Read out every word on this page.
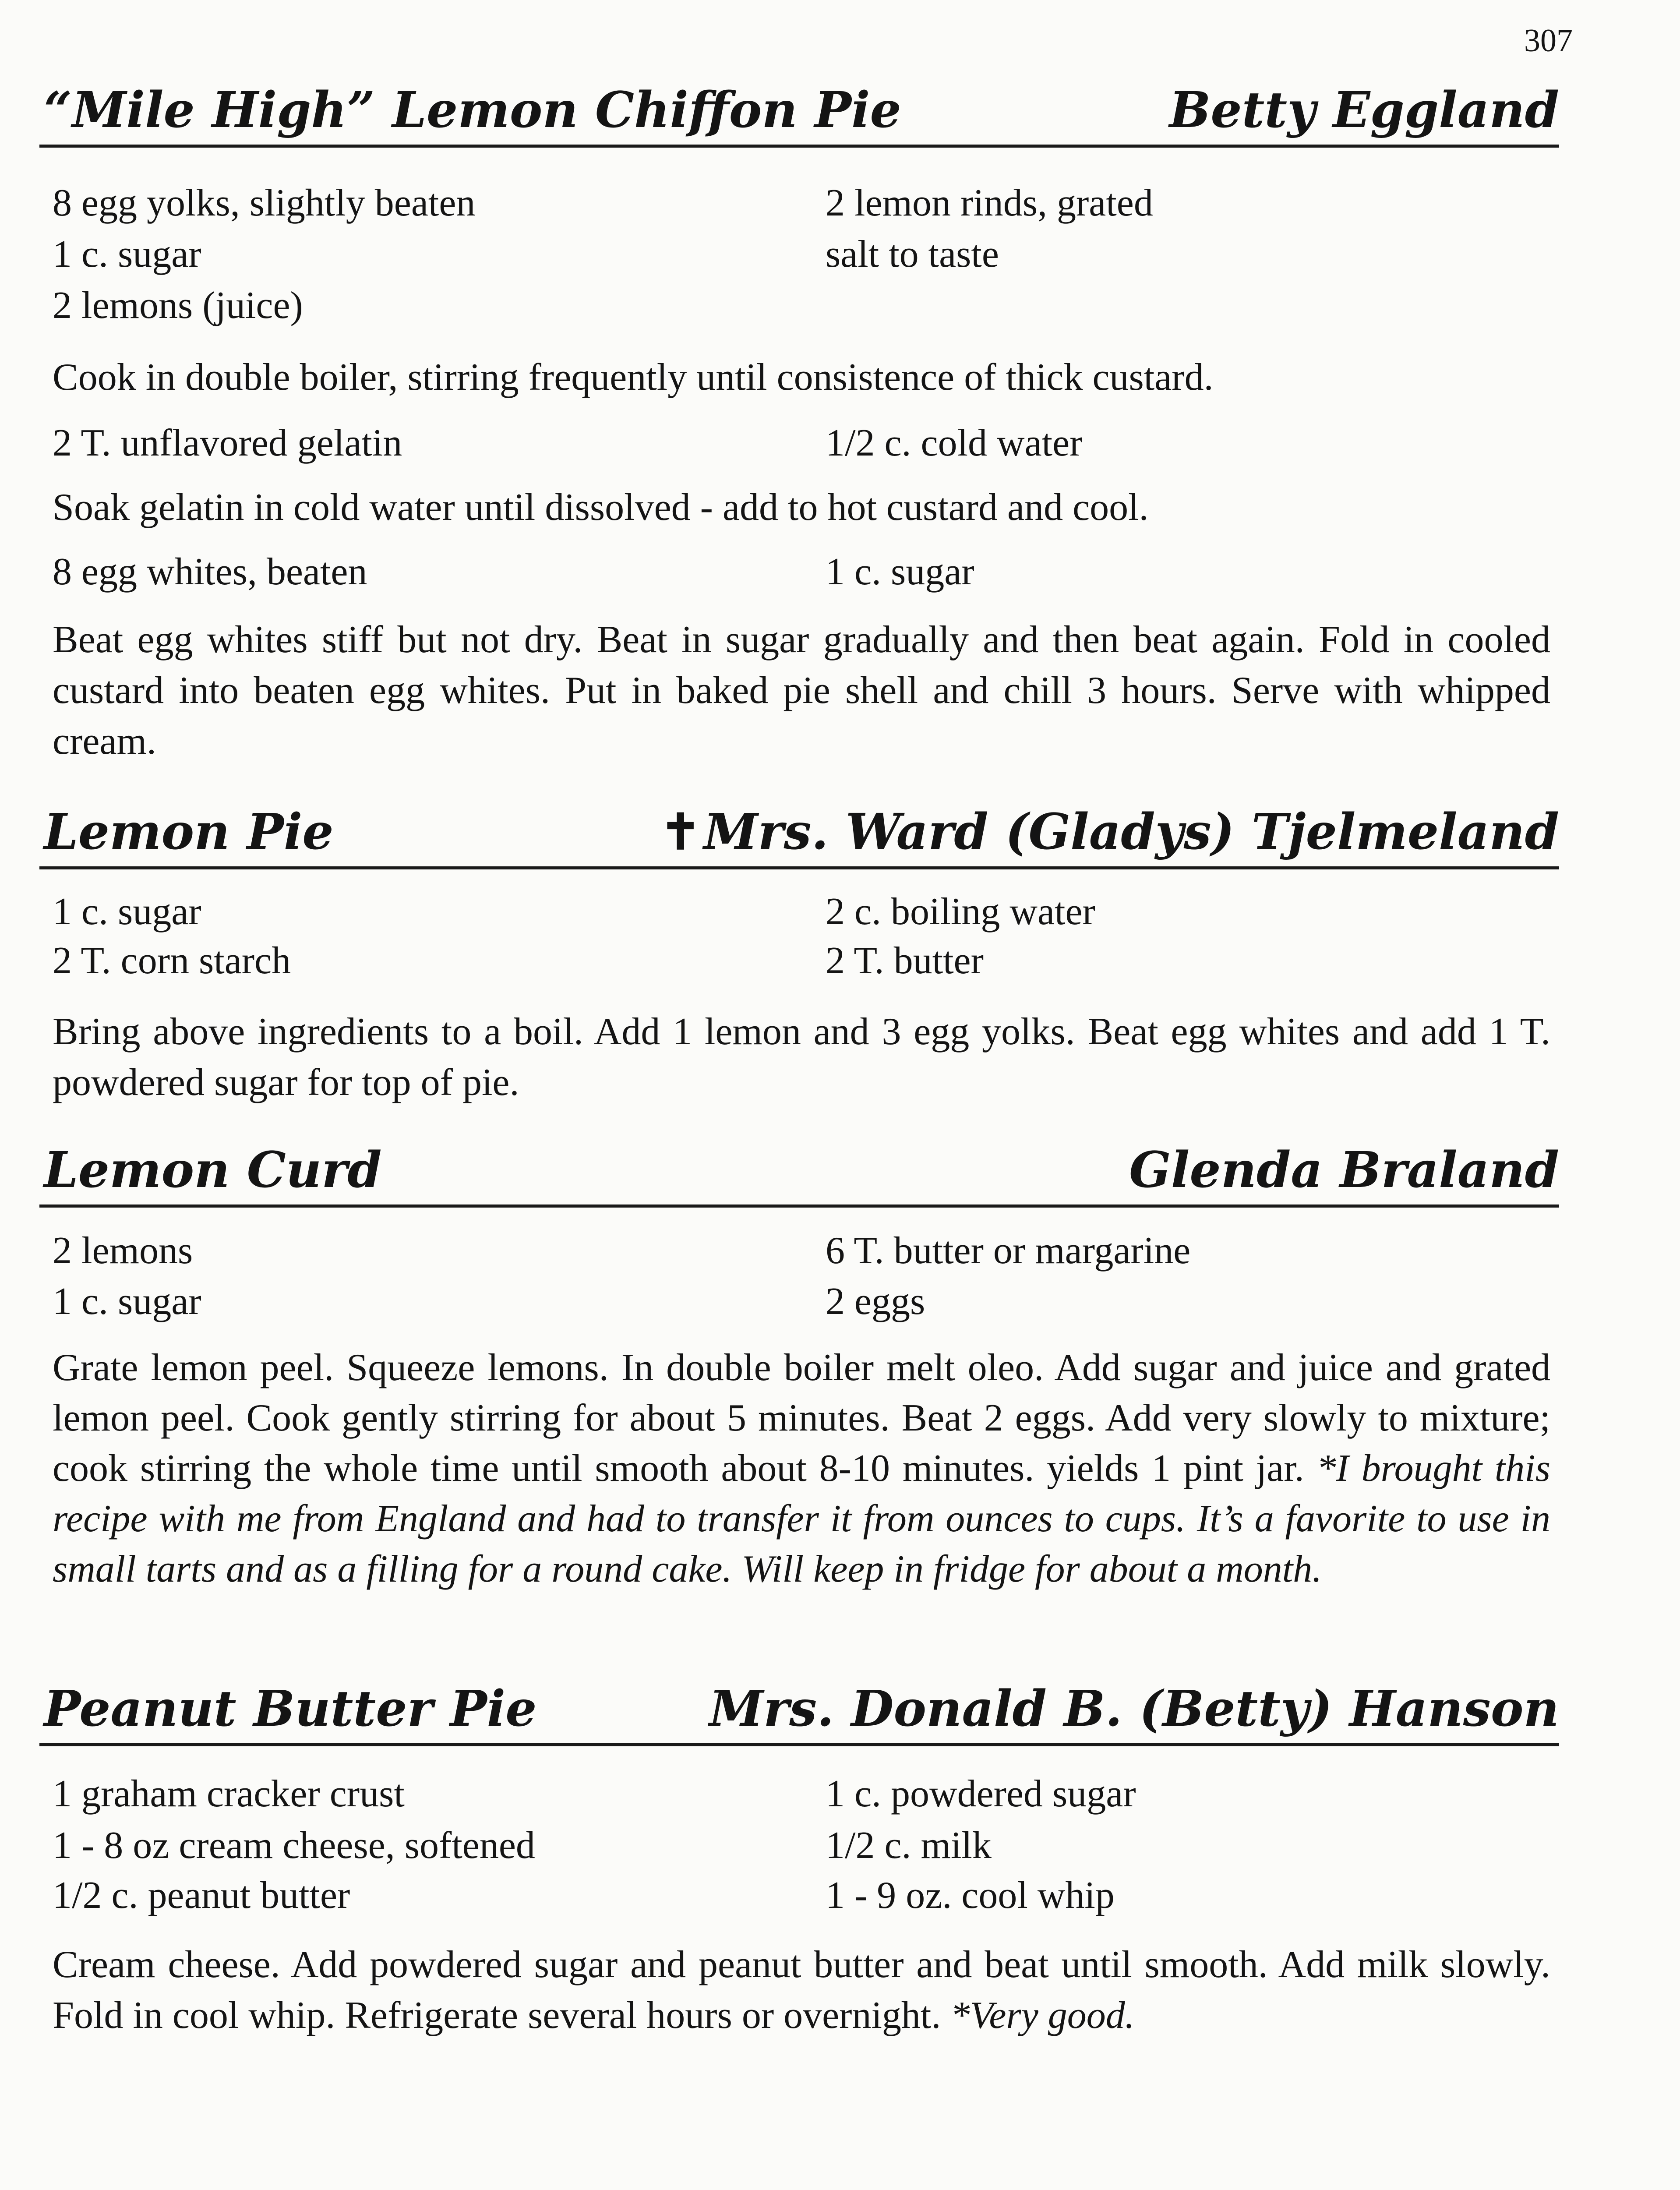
307
“Mile High” Lemon Chiffon Pie	Betty Eggland
8 egg yolks, slightly beaten	2 lemon rinds, grated
1 c. sugar	salt to taste
2 lemons (juice)
Cook in double boiler, stirring frequently until consistence of thick custard.
2 T. unflavored gelatin	1/2 c. cold water
Soak gelatin in cold water until dissolved - add to hot custard and cool.
8 egg whites, beaten	1 c. sugar
Beat egg whites stiff but not dry. Beat in sugar gradually and then beat again. Fold in cooled custard into beaten egg whites. Put in baked pie shell and chill 3 hours. Serve with whipped cream.
Lemon Pie	✝Mrs. Ward (Gladys) Tjelmeland
1 c. sugar	2 c. boiling water
2 T. corn starch	2 T. butter
Bring above ingredients to a boil. Add 1 lemon and 3 egg yolks. Beat egg whites and add 1 T. powdered sugar for top of pie.
Lemon Curd	Glenda Braland
2 lemons	6 T. butter or margarine
1 c. sugar	2 eggs
Grate lemon peel. Squeeze lemons. In double boiler melt oleo. Add sugar and juice and grated lemon peel. Cook gently stirring for about 5 minutes. Beat 2 eggs. Add very slowly to mixture; cook stirring the whole time until smooth about 8-10 minutes. yields 1 pint jar. *I brought this recipe with me from England and had to transfer it from ounces to cups. It’s a favorite to use in small tarts and as a filling for a round cake. Will keep in fridge for about a month.
Peanut Butter Pie	Mrs. Donald B. (Betty) Hanson
1 graham cracker crust	1 c. powdered sugar
1 - 8 oz cream cheese, softened	1/2 c. milk
1/2 c. peanut butter	1 - 9 oz. cool whip
Cream cheese. Add powdered sugar and peanut butter and beat until smooth. Add milk slowly. Fold in cool whip. Refrigerate several hours or overnight. *Very good.
